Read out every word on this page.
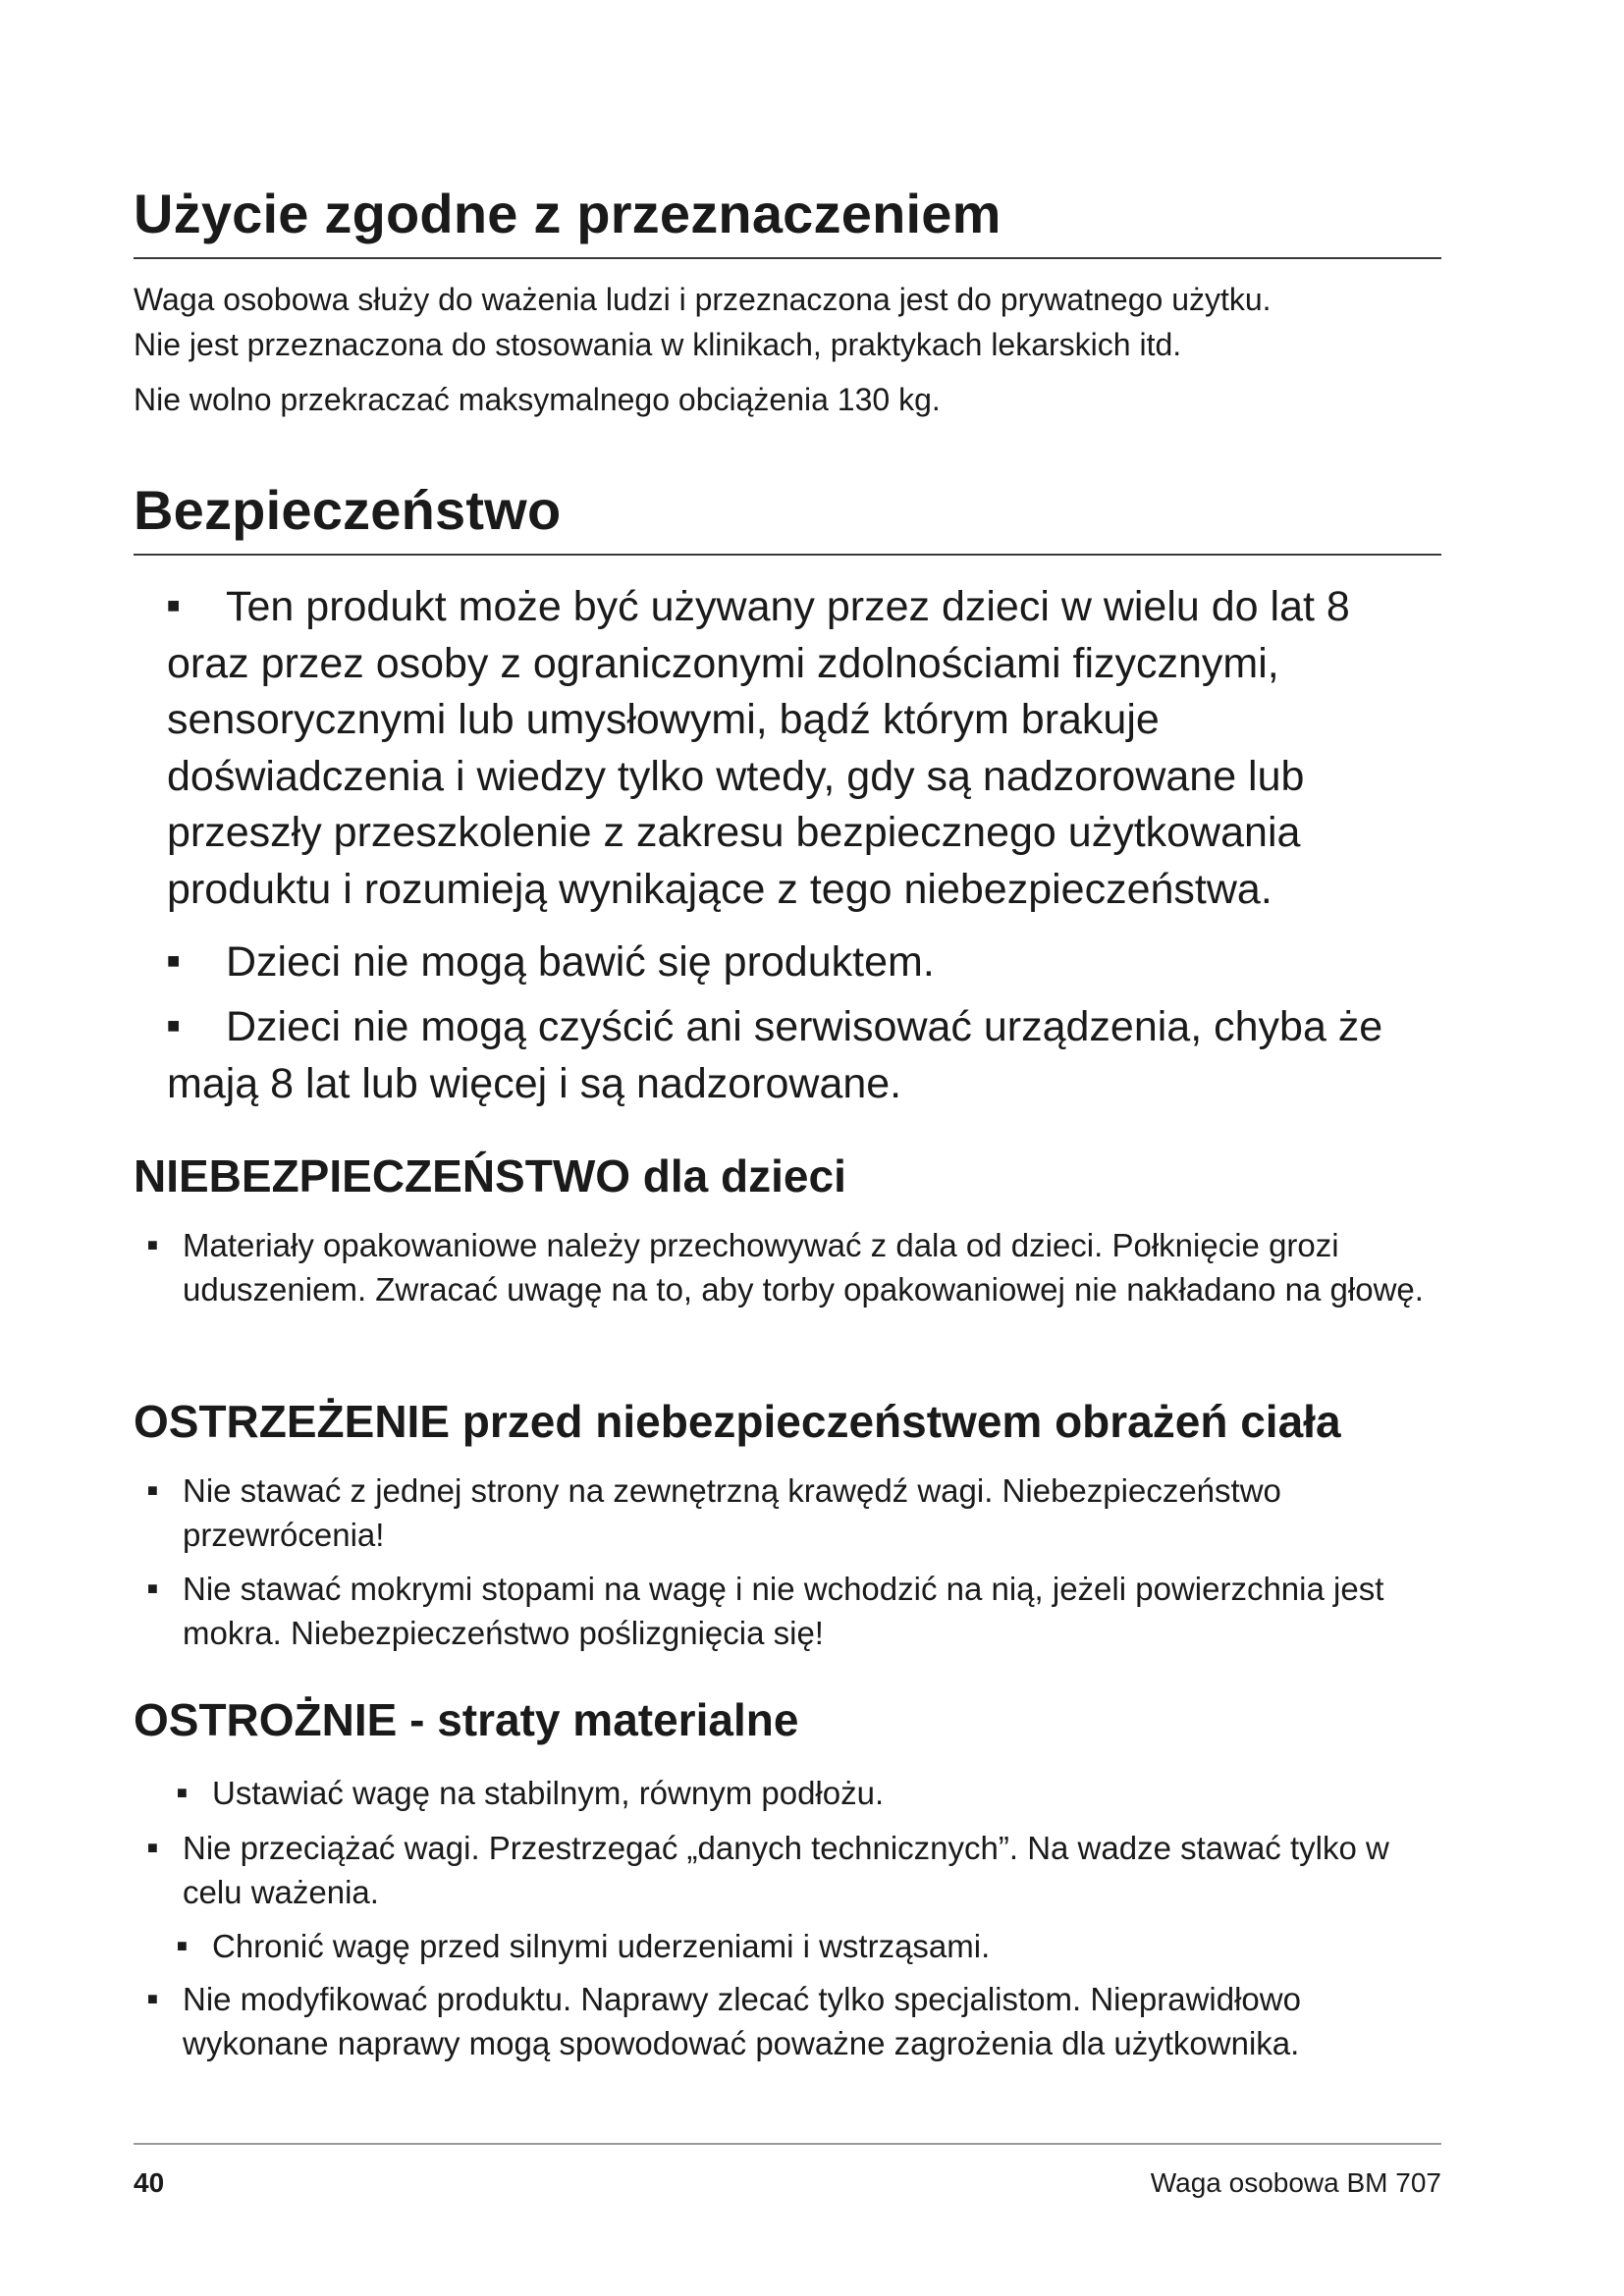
Użycie zgodne z przeznaczeniem

Waga osobowa służy do ważenia ludzi i przeznaczona jest do prywatnego użytku.
Nie jest przeznaczona do stosowania w klinikach, praktykach lekarskich itd.

Nie wolno przekraczać maksymalnego obciążenia 130 kg.

Bezpieczeństwo

■ Ten produkt może być używany przez dzieci w wielu do lat 8 oraz przez osoby z ograniczonymi zdolnościami fizycznymi, sensorycznymi lub umysłowymi, bądź którym brakuje doświadczenia i wiedzy tylko wtedy, gdy są nadzorowane lub przeszły przeszkolenie z zakresu bezpiecznego użytkowania produktu i rozumieją wynikające z tego niebezpieczeństwa.

■ Dzieci nie mogą bawić się produktem.

■ Dzieci nie mogą czyścić ani serwisować urządzenia, chyba że mają 8 lat lub więcej i są nadzorowane.

NIEBEZPIECZEŃSTWO dla dzieci
■ Materiały opakowaniowe należy przechowywać z dala od dzieci. Połknięcie grozi uduszeniem. Zwracać uwagę na to, aby torby opakowaniowej nie nakładano na głowę.
OSTRZEŻENIE przed niebezpieczeństwem obrażeń ciała
■ Nie stawać z jednej strony na zewnętrzną krawędź wagi. Niebezpieczeństwo przewrócenia!
■ Nie stawać mokrymi stopami na wagę i nie wchodzić na nią, jeżeli powierzchnia jest mokra. Niebezpieczeństwo poślizgnięcia się!
OSTROŻNIE - straty materialne
■ Ustawiać wagę na stabilnym, równym podłożu.
■ Nie przeciążać wagi. Przestrzegać „danych technicznych”. Na wadze stawać tylko w celu ważenia.
■ Chronić wagę przed silnymi uderzeniami i wstrząsami.
■ Nie modyfikować produktu. Naprawy zlecać tylko specjalistom. Nieprawidłowo wykonane naprawy mogą spowodować poważne zagrożenia dla użytkownika.
40	Waga osobowa BM 707
